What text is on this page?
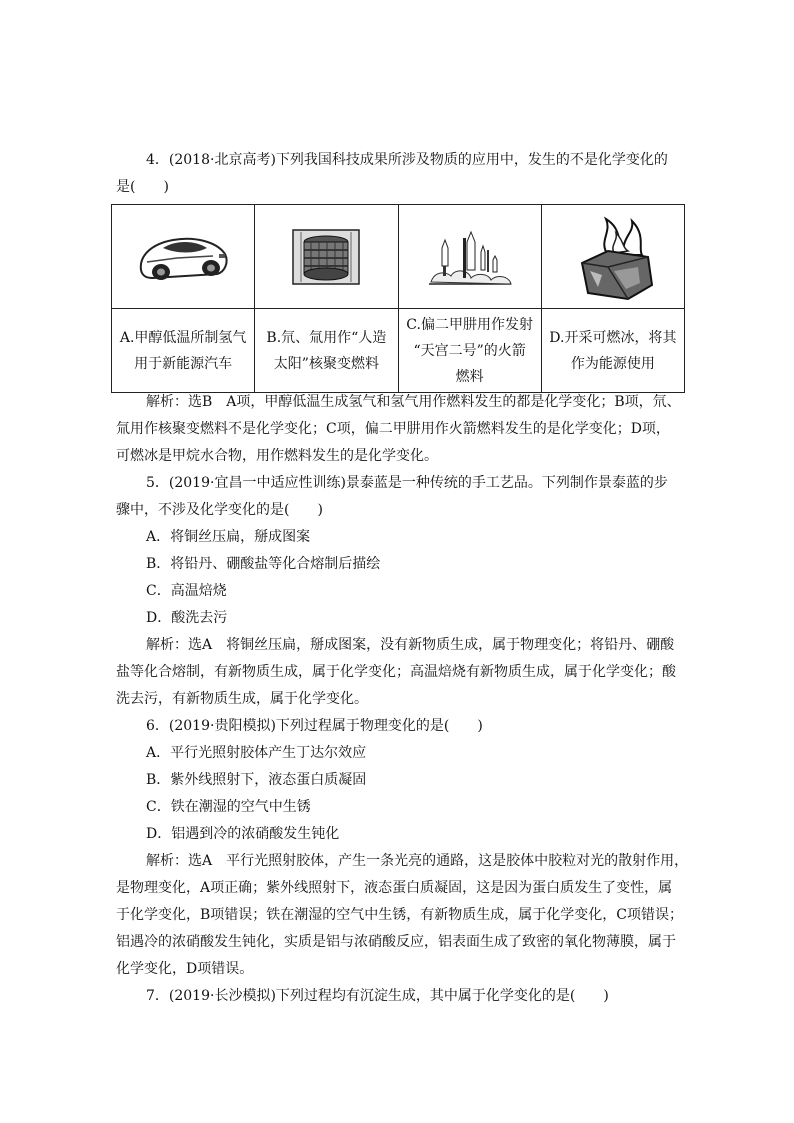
4．(2018·北京高考)下列我国科技成果所涉及物质的应用中，发生的不是化学变化的
是(　　)

A.甲醇低温所制氢气
用于新能源汽车	B.氘、氚用作“人造
太阳”核聚变燃料	C.偏二甲肼用作发射
“天宫二号”的火箭
燃料	D.开采可燃冰，将其
作为能源使用
解析：选B　A项，甲醇低温生成氢气和氢气用作燃料发生的都是化学变化；B项，氘、
氚用作核聚变燃料不是化学变化；C项，偏二甲肼用作火箭燃料发生的是化学变化；D项，
可燃冰是甲烷水合物，用作燃料发生的是化学变化。
5．(2019·宜昌一中适应性训练)景泰蓝是一种传统的手工艺品。下列制作景泰蓝的步
骤中，不涉及化学变化的是(　　)
A．将铜丝压扁，掰成图案
B．将铅丹、硼酸盐等化合熔制后描绘
C．高温焙烧
D．酸洗去污
解析：选A　将铜丝压扁，掰成图案，没有新物质生成，属于物理变化；将铅丹、硼酸
盐等化合熔制，有新物质生成，属于化学变化；高温焙烧有新物质生成，属于化学变化；酸
洗去污，有新物质生成，属于化学变化。
6．(2019·贵阳模拟)下列过程属于物理变化的是(　　)
A．平行光照射胶体产生丁达尔效应
B．紫外线照射下，液态蛋白质凝固
C．铁在潮湿的空气中生锈
D．铝遇到冷的浓硝酸发生钝化
解析：选A　平行光照射胶体，产生一条光亮的通路，这是胶体中胶粒对光的散射作用，
是物理变化，A项正确；紫外线照射下，液态蛋白质凝固，这是因为蛋白质发生了变性，属
于化学变化，B项错误；铁在潮湿的空气中生锈，有新物质生成，属于化学变化，C项错误；
铝遇冷的浓硝酸发生钝化，实质是铝与浓硝酸反应，铝表面生成了致密的氧化物薄膜，属于
化学变化，D项错误。
7．(2019·长沙模拟)下列过程均有沉淀生成，其中属于化学变化的是(　　)
